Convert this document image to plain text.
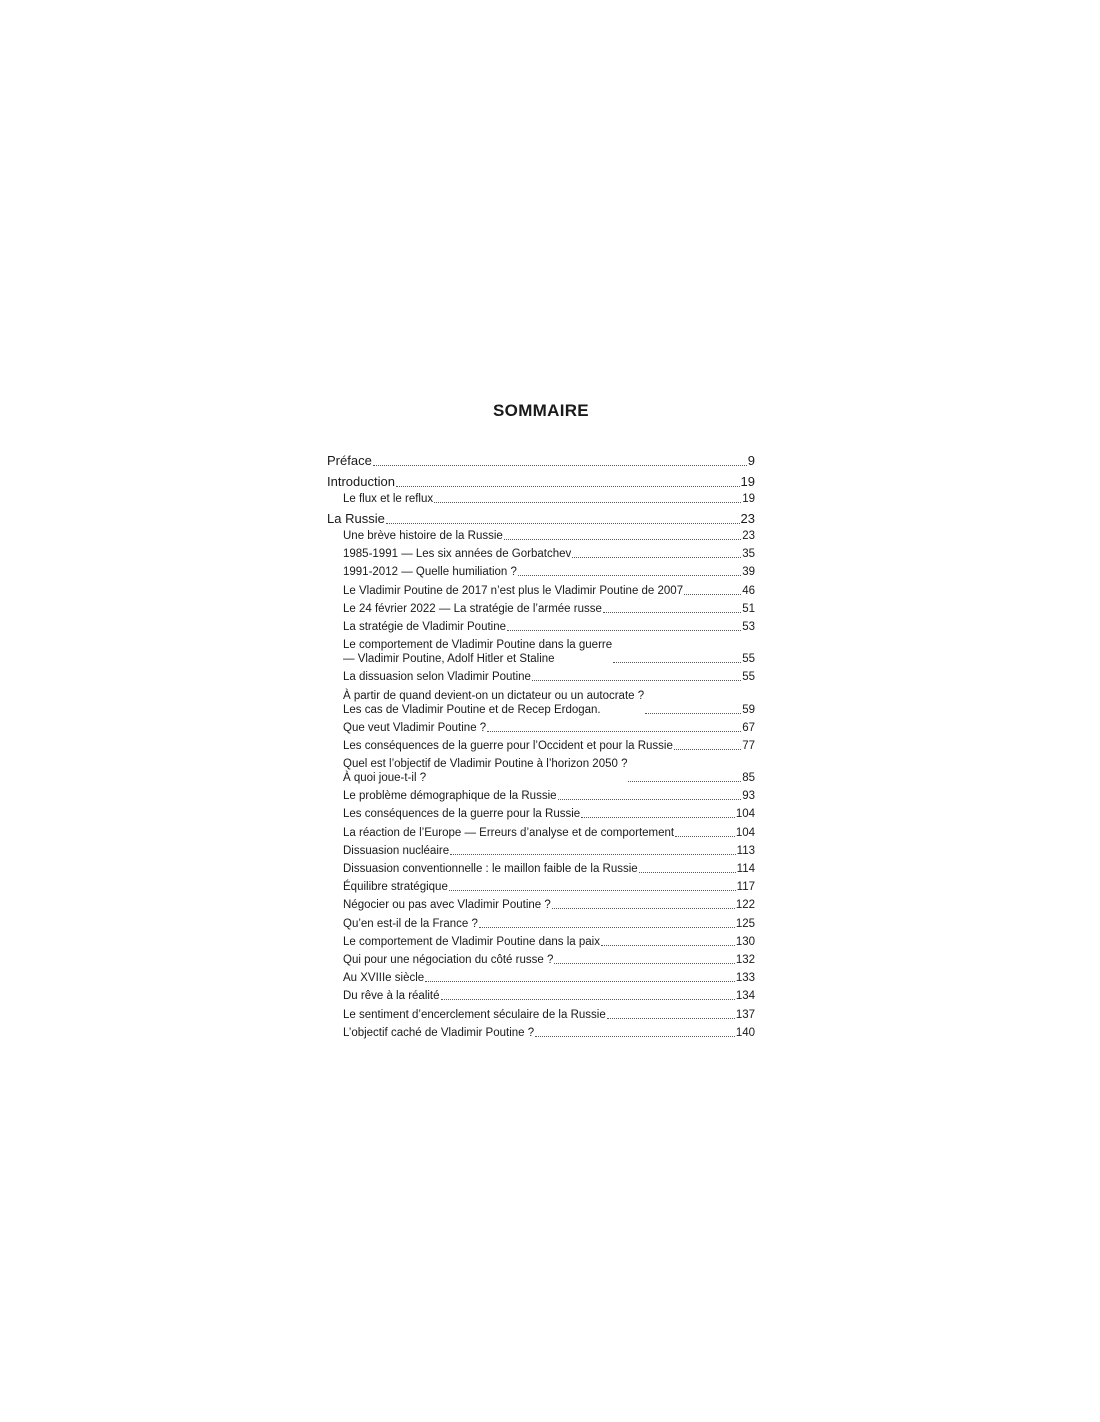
SOMMAIRE
Préface	9
Introduction	19
Le flux et le reflux	19
La Russie	23
Une brève histoire de la Russie	23
1985-1991 — Les six années de Gorbatchev	35
1991-2012 — Quelle humiliation ?	39
Le Vladimir Poutine de 2017 n’est plus le Vladimir Poutine de 2007	46
Le 24 février 2022 — La stratégie de l’armée russe	51
La stratégie de Vladimir Poutine	53
Le comportement de Vladimir Poutine dans la guerre
— Vladimir Poutine, Adolf Hitler et Staline	55
La dissuasion selon Vladimir Poutine	55
À partir de quand devient-on un dictateur ou un autocrate ?
Les cas de Vladimir Poutine et de Recep Erdogan.	59
Que veut Vladimir Poutine ?	67
Les conséquences de la guerre pour l’Occident et pour la Russie	77
Quel est l’objectif de Vladimir Poutine à l’horizon 2050 ?
À quoi joue-t-il ?	85
Le problème démographique de la Russie	93
Les conséquences de la guerre pour la Russie	104
La réaction de l’Europe — Erreurs d’analyse et de comportement	104
Dissuasion nucléaire	113
Dissuasion conventionnelle : le maillon faible de la Russie	114
Équilibre stratégique	117
Négocier ou pas avec Vladimir Poutine ?	122
Qu’en est-il de la France ?	125
Le comportement de Vladimir Poutine dans la paix	130
Qui pour une négociation du côté russe ?	132
Au XVIIIe siècle	133
Du rêve à la réalité	134
Le sentiment d’encerclement séculaire de la Russie	137
L’objectif caché de Vladimir Poutine ?	140
